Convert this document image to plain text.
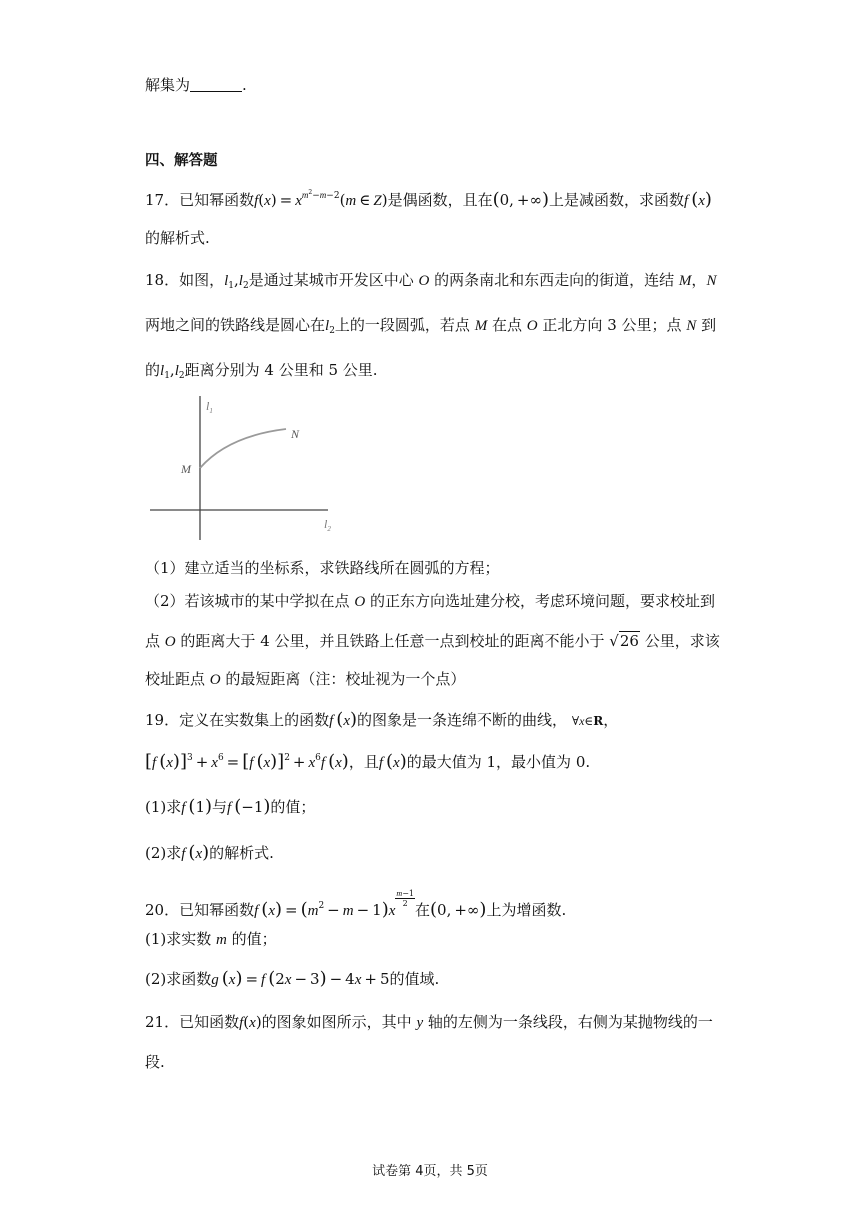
解集为	.
四、解答题
17．已知幂函数$f(x) = x^{m^2-m-2}(m$ ∈ Z)是偶函数，且在(0, +∞)上是减函数，求函数f  (x)
的解析式.
18．如图，$l_1,l_2$是通过某城市开发区中心 O 的两条南北和东西走向的街道，连结 M，N
两地之间的铁路线是圆心在$l_2$上的一段圆弧，若点 M 在点 O 正北方向 3 公里；点 N 到
的$l_1,l_2$距离分别为 4 公里和 5 公里.
$l_1$
$l_2$
M
N
（1）建立适当的坐标系，求铁路线所在圆弧的方程；
（2）若该城市的某中学拟在点 O 的正东方向选址建分校，考虑环境问题，要求校址到
点 O 的距离大于 4 公里，并且铁路上任意一点到校址的距离不能小于 √26 公里，求该
校址距点 O 的最短距离（注：校址视为一个点）
19．定义在实数集上的函数f  (x)的图象是一条连绵不断的曲线， ∀x∈R，
[f  $(x)]^3 + x^6 = [f$  $(x)]^2 + x^6f$  (x)，且f  (x)的最大值为 1，最小值为 0.
(1)求f  (1)与f  (−1)的值；
(2)求f  (x)的解析式.
20．已知幂函数f  $(x) = (m^2 - m - 1)x$
$\frac{m-1}{2}$
在(0, +∞)上为增函数.
(1)求实数 m 的值；
(2)求函数g  (x) = f  (2x − 3) − 4x + 5的值域.
21．已知函数f(x)的图象如图所示，其中 y 轴的左侧为一条线段，右侧为某抛物线的一
段.
试卷第 4页，共 5页
